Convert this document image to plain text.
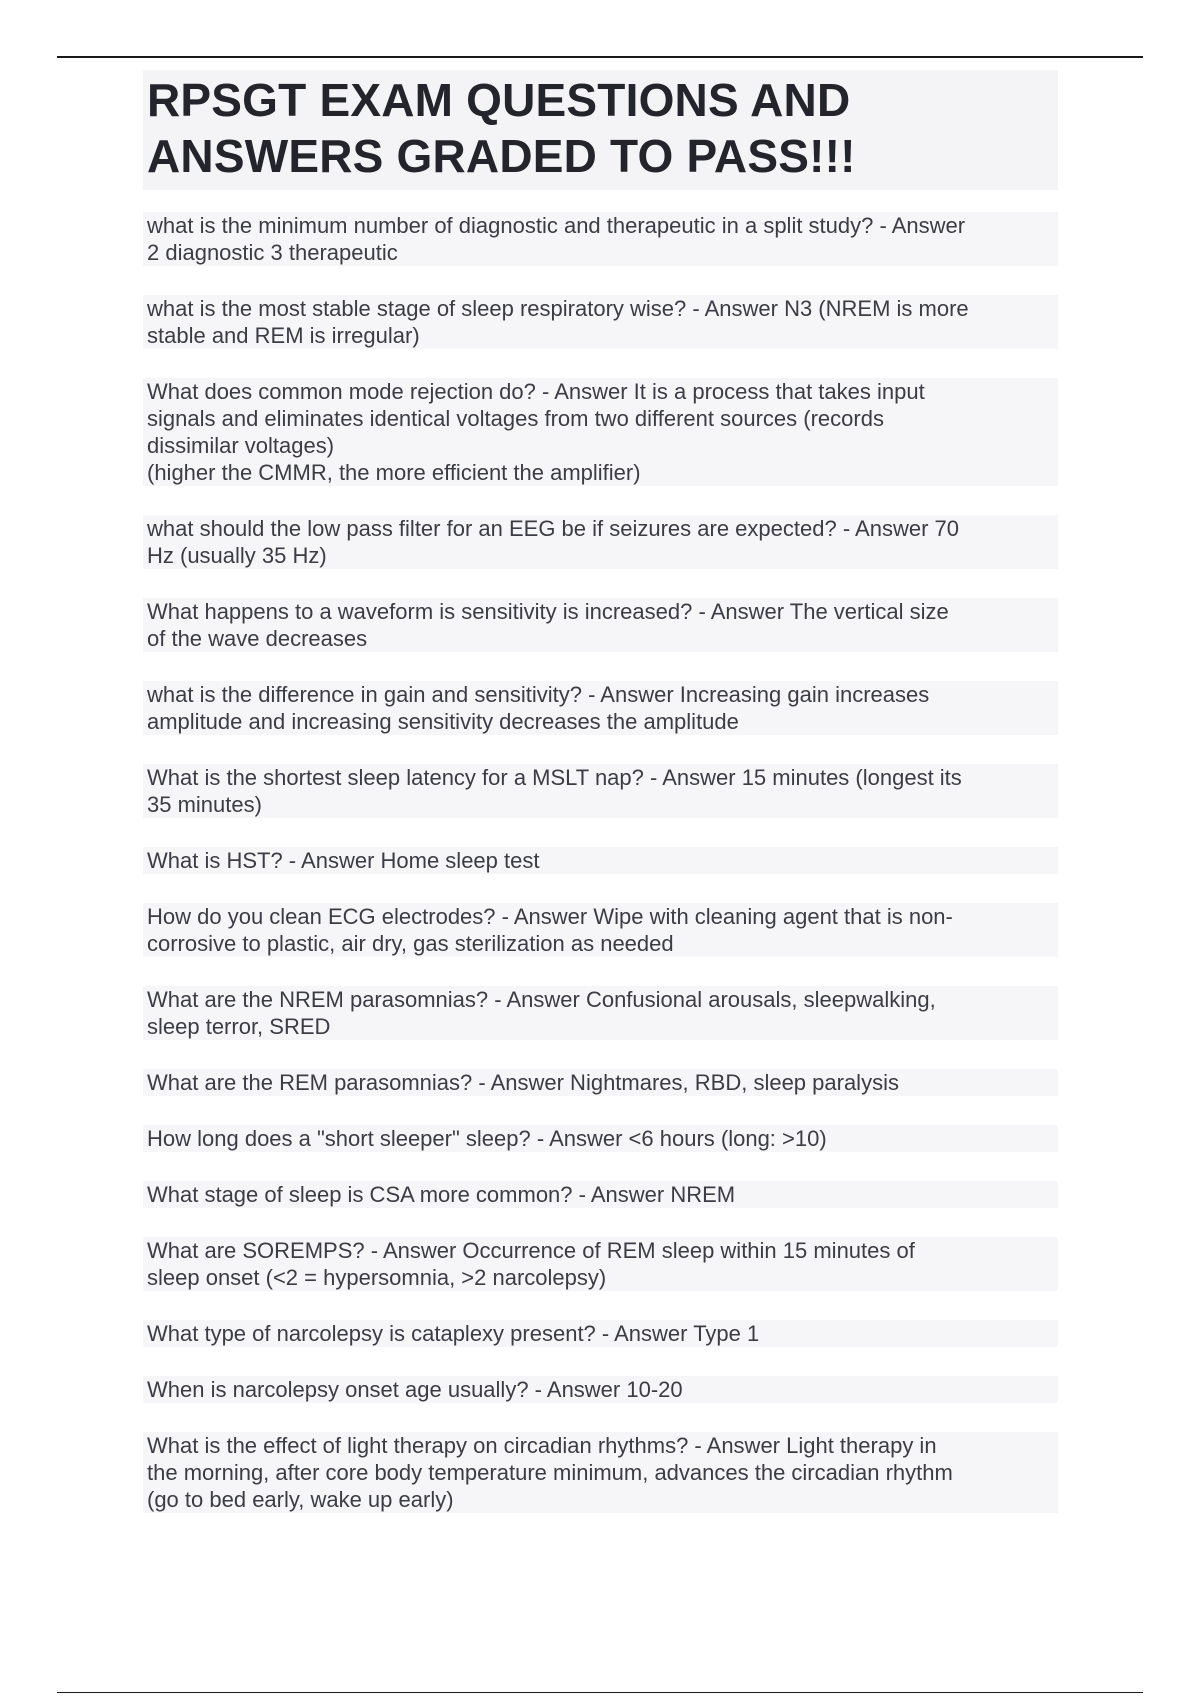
RPSGT EXAM QUESTIONS AND
ANSWERS GRADED TO PASS!!!
what is the minimum number of diagnostic and therapeutic in a split study? - Answer
2 diagnostic 3 therapeutic
what is the most stable stage of sleep respiratory wise? - Answer N3 (NREM is more
stable and REM is irregular)
What does common mode rejection do? - Answer It is a process that takes input
signals and eliminates identical voltages from two different sources (records
dissimilar voltages)
(higher the CMMR, the more efficient the amplifier)
what should the low pass filter for an EEG be if seizures are expected? - Answer 70
Hz (usually 35 Hz)
What happens to a waveform is sensitivity is increased? - Answer The vertical size
of the wave decreases
what is the difference in gain and sensitivity? - Answer Increasing gain increases
amplitude and increasing sensitivity decreases the amplitude
What is the shortest sleep latency for a MSLT nap? - Answer 15 minutes (longest its
35 minutes)
What is HST? - Answer Home sleep test
How do you clean ECG electrodes? - Answer Wipe with cleaning agent that is non-
corrosive to plastic, air dry, gas sterilization as needed
What are the NREM parasomnias? - Answer Confusional arousals, sleepwalking,
sleep terror, SRED
What are the REM parasomnias? - Answer Nightmares, RBD, sleep paralysis
How long does a "short sleeper" sleep? - Answer <6 hours (long: >10)
What stage of sleep is CSA more common? - Answer NREM
What are SOREMPS? - Answer Occurrence of REM sleep within 15 minutes of
sleep onset (<2 = hypersomnia, >2 narcolepsy)
What type of narcolepsy is cataplexy present? - Answer Type 1
When is narcolepsy onset age usually? - Answer 10-20
What is the effect of light therapy on circadian rhythms? - Answer Light therapy in
the morning, after core body temperature minimum, advances the circadian rhythm
(go to bed early, wake up early)
